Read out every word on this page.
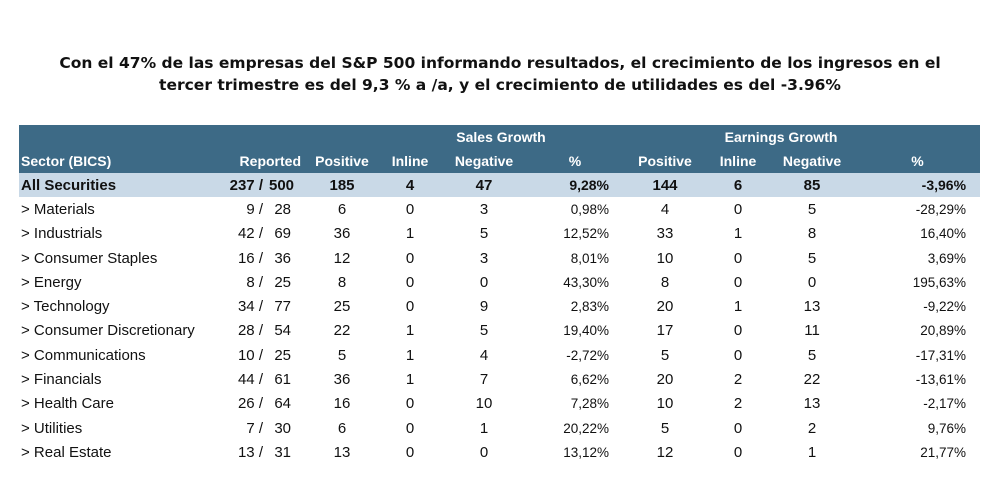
Con el 47% de las empresas del S&P 500 informando resultados, el crecimiento de los ingresos en el
tercer trimestre es del 9,3 % a /a, y el crecimiento de utilidades es del -3.96%
				Sales Growth				Earnings Growth		
Sector (BICS)	Reported		Positive	Inline	Negative	%	Positive	Inline	Negative	%
All Securities	237 /	500	185	4	47	9,28%	144	6	85	-3,96%
> Materials	9 /	28	6	0	3	0,98%	4	0	5	-28,29%
> Industrials	42 /	69	36	1	5	12,52%	33	1	8	16,40%
> Consumer Staples	16 /	36	12	0	3	8,01%	10	0	5	3,69%
> Energy	8 /	25	8	0	0	43,30%	8	0	0	195,63%
> Technology	34 /	77	25	0	9	2,83%	20	1	13	-9,22%
> Consumer Discretionary	28 /	54	22	1	5	19,40%	17	0	11	20,89%
> Communications	10 /	25	5	1	4	-2,72%	5	0	5	-17,31%
> Financials	44 /	61	36	1	7	6,62%	20	2	22	-13,61%
> Health Care	26 /	64	16	0	10	7,28%	10	2	13	-2,17%
> Utilities	7 /	30	6	0	1	20,22%	5	0	2	9,76%
> Real Estate	13 /	31	13	0	0	13,12%	12	0	1	21,77%
